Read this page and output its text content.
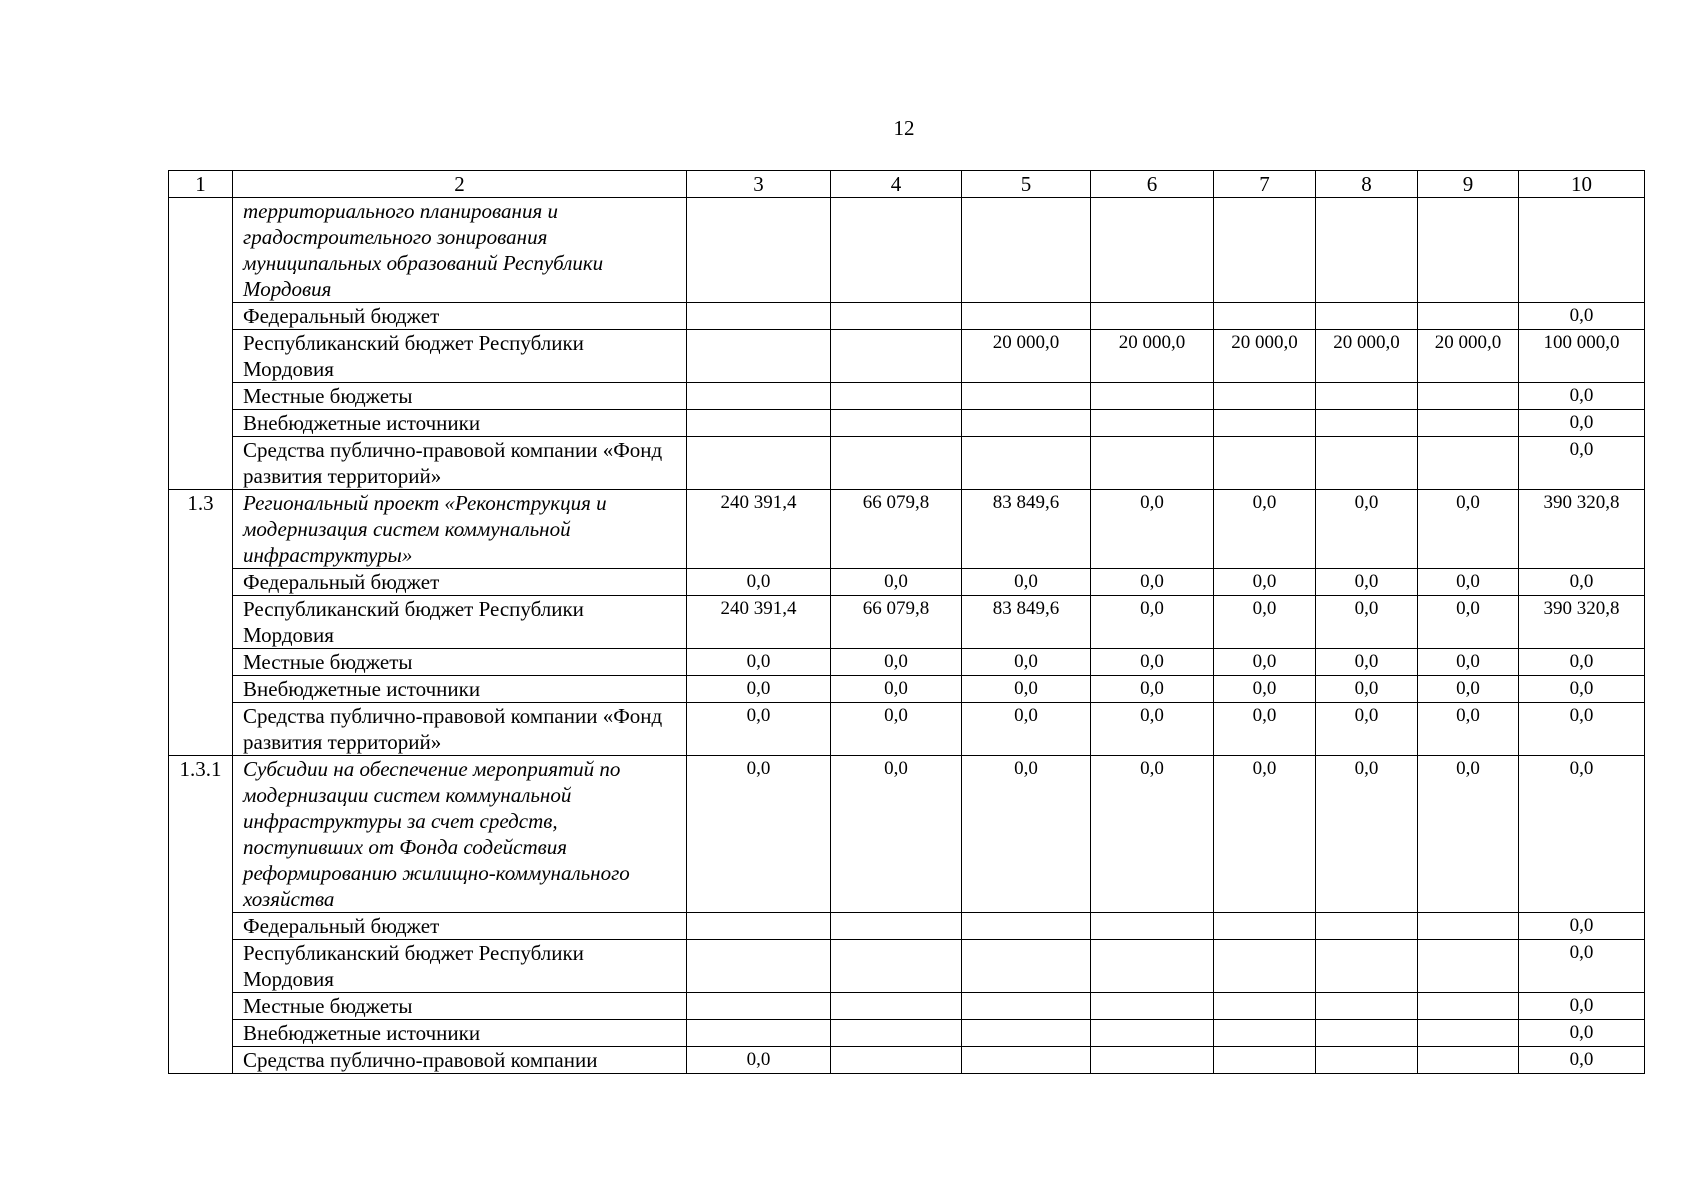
12
1	2	3	4	5	6	7	8	9	10
	территориального планирования и градостроительного зонирования муниципальных образований Республики Мордовия								
	Федеральный бюджет								0,0
	Республиканский бюджет Республики Мордовия			20 000,0	20 000,0	20 000,0	20 000,0	20 000,0	100 000,0
	Местные бюджеты								0,0
	Внебюджетные источники								0,0
	Средства публично-правовой компании «Фонд развития территорий»								0,0
1.3	Региональный проект «Реконструкция и модернизация систем коммунальной инфраструктуры»	240 391,4	66 079,8	83 849,6	0,0	0,0	0,0	0,0	390 320,8
	Федеральный бюджет	0,0	0,0	0,0	0,0	0,0	0,0	0,0	0,0
	Республиканский бюджет Республики Мордовия	240 391,4	66 079,8	83 849,6	0,0	0,0	0,0	0,0	390 320,8
	Местные бюджеты	0,0	0,0	0,0	0,0	0,0	0,0	0,0	0,0
	Внебюджетные источники	0,0	0,0	0,0	0,0	0,0	0,0	0,0	0,0
	Средства публично-правовой компании «Фонд развития территорий»	0,0	0,0	0,0	0,0	0,0	0,0	0,0	0,0
1.3.1	Субсидии на обеспечение мероприятий по модернизации систем коммунальной инфраструктуры за счет средств, поступивших от Фонда содействия реформированию жилищно-коммунального хозяйства	0,0	0,0	0,0	0,0	0,0	0,0	0,0	0,0
	Федеральный бюджет								0,0
	Республиканский бюджет Республики Мордовия								0,0
	Местные бюджеты								0,0
	Внебюджетные источники								0,0
	Средства публично-правовой компании	0,0							0,0
